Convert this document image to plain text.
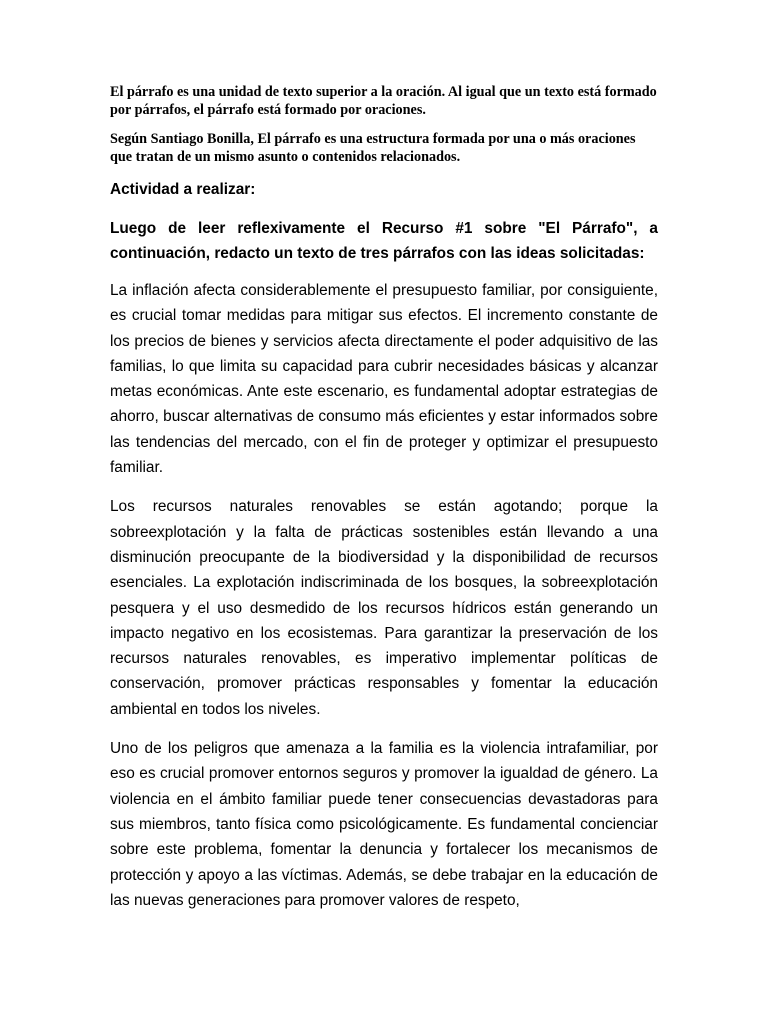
El párrafo es una unidad de texto superior a la oración. Al igual que un texto está formado por párrafos, el párrafo está formado por oraciones.

Según Santiago Bonilla, El párrafo es una estructura formada por una o más oraciones que tratan de un mismo asunto o contenidos relacionados.

Actividad a realizar:

Luego de leer reflexivamente el Recurso #1 sobre "El Párrafo", a continuación, redacto un texto de tres párrafos con las ideas solicitadas:

La inflación afecta considerablemente el presupuesto familiar, por consiguiente, es crucial tomar medidas para mitigar sus efectos. El incremento constante de los precios de bienes y servicios afecta directamente el poder adquisitivo de las familias, lo que limita su capacidad para cubrir necesidades básicas y alcanzar metas económicas. Ante este escenario, es fundamental adoptar estrategias de ahorro, buscar alternativas de consumo más eficientes y estar informados sobre las tendencias del mercado, con el fin de proteger y optimizar el presupuesto familiar.

Los recursos naturales renovables se están agotando; porque la sobreexplotación y la falta de prácticas sostenibles están llevando a una disminución preocupante de la biodiversidad y la disponibilidad de recursos esenciales. La explotación indiscriminada de los bosques, la sobreexplotación pesquera y el uso desmedido de los recursos hídricos están generando un impacto negativo en los ecosistemas. Para garantizar la preservación de los recursos naturales renovables, es imperativo implementar políticas de conservación, promover prácticas responsables y fomentar la educación ambiental en todos los niveles.

Uno de los peligros que amenaza a la familia es la violencia intrafamiliar, por eso es crucial promover entornos seguros y promover la igualdad de género. La violencia en el ámbito familiar puede tener consecuencias devastadoras para sus miembros, tanto física como psicológicamente. Es fundamental concienciar sobre este problema, fomentar la denuncia y fortalecer los mecanismos de protección y apoyo a las víctimas. Además, se debe trabajar en la educación de las nuevas generaciones para promover valores de respeto,
